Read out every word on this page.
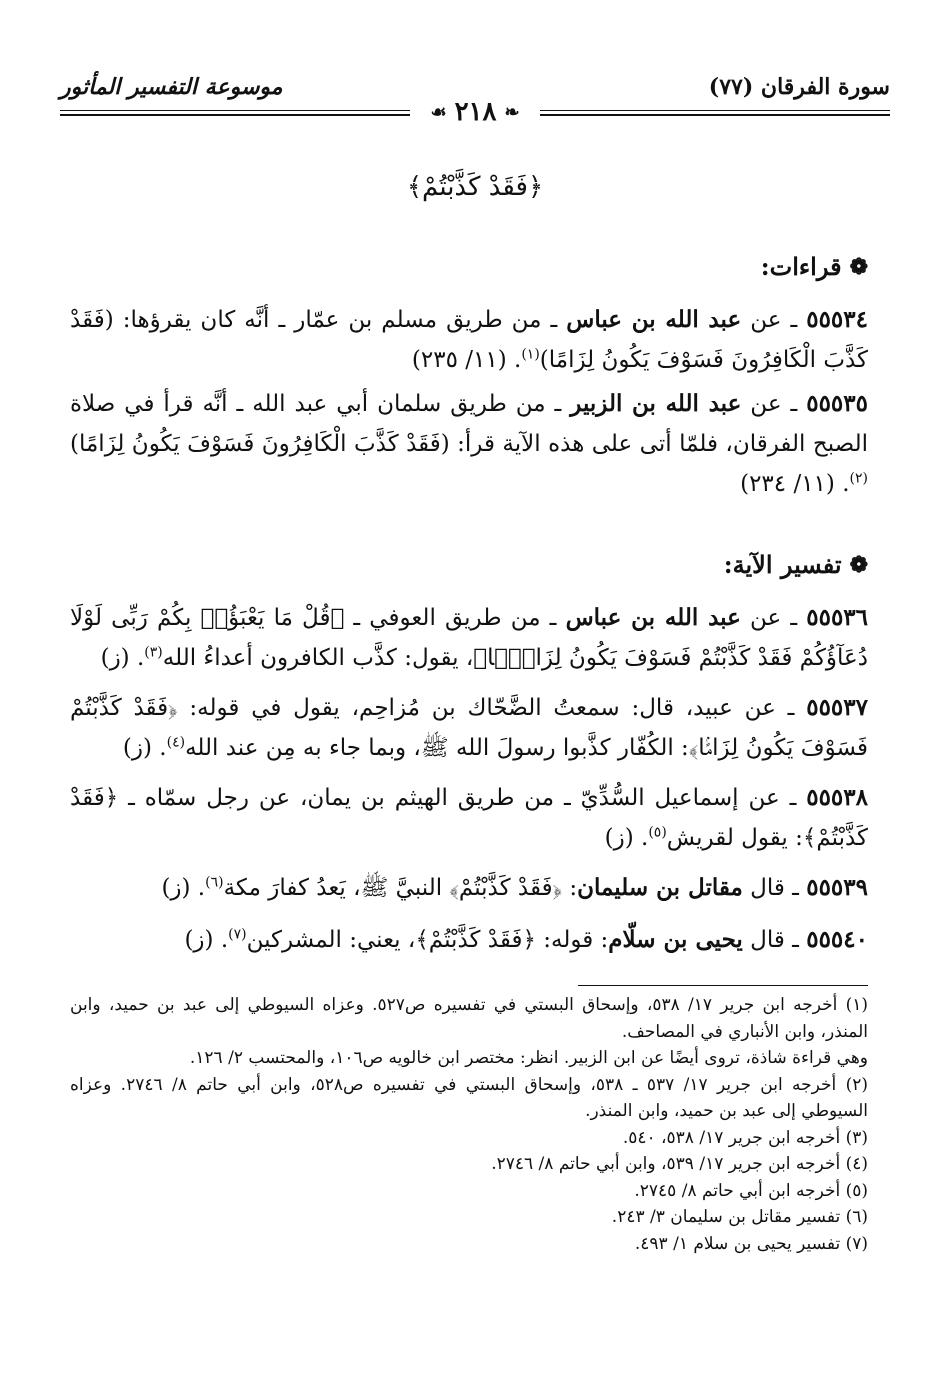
سورة الفرقان (٧٧)
موسوعة التفسير المأثور
❧
٢١٨
☙
﴿فَقَدْ كَذَّبْتُمْ﴾
❁
قراءات:
٥٥٥٣٤ ـ عن عبد الله بن عباس ـ من طريق مسلم بن عمّار ـ أنَّه كان يقرؤها: (فَقَدْ كَذَّبَ الْكَافِرُونَ فَسَوْفَ يَكُونُ لِزَامًا)$^{(١)}$. (١١/ ٢٣٥)
٥٥٥٣٥ ـ عن عبد الله بن الزبير ـ من طريق سلمان أبي عبد الله ـ أنَّه قرأ في صلاة الصبح الفرقان، فلمّا أتى على هذه الآية قرأ: (فَقَدْ كَذَّبَ الْكَافِرُونَ فَسَوْفَ يَكُونُ لِزَامًا)$^{(٢)}$. (١١/ ٢٣٤)
❁
تفسير الآية:
٥٥٥٣٦ ـ عن عبد الله بن عباس ـ من طريق العوفي ـ ﴿قُلْ مَا يَعْبَؤُا۟ بِكُمْ رَبِّى لَوْلَا دُعَآؤُكُمْ فَقَدْ كَذَّبْتُمْ فَسَوْفَ يَكُونُ لِزَامًۢا﴾، يقول: كذَّب الكافرون أعداءُ الله$^{(٣)}$. (ز)
٥٥٥٣٧ ـ عن عبيد، قال: سمعتُ الضَّحّاك بن مُزاحِم، يقول في قوله: ﴿فَقَدْ كَذَّبْتُمْ فَسَوْفَ يَكُونُ لِزَامًۢا﴾: الكُفّار كذَّبوا رسولَ الله ﷺ، وبما جاء به مِن عند الله$^{(٤)}$. (ز)
٥٥٥٣٨ ـ عن إسماعيل السُّدِّيّ ـ من طريق الهيثم بن يمان، عن رجل سمّاه ـ ﴿فَقَدْ كَذَّبْتُمْ﴾: يقول لقريش$^{(٥)}$. (ز)
٥٥٥٣٩ ـ قال مقاتل بن سليمان: ﴿فَقَدْ كَذَّبْتُمْ﴾ النبيَّ ﷺ، يَعدُ كفارَ مكة$^{(٦)}$. (ز)
٥٥٥٤٠ ـ قال يحيى بن سلّام: قوله: ﴿فَقَدْ كَذَّبْتُمْ﴾، يعني: المشركين$^{(٧)}$. (ز)
(١) أخرجه ابن جرير ١٧/ ٥٣٨، وإسحاق البستي في تفسيره ص٥٢٧. وعزاه السيوطي إلى عبد بن حميد، وابن المنذر، وابن الأنباري في المصاحف.
وهي قراءة شاذة، تروى أيضًا عن ابن الزبير. انظر: مختصر ابن خالويه ص١٠٦، والمحتسب ٢/ ١٢٦.
(٢) أخرجه ابن جرير ١٧/ ٥٣٧ ـ ٥٣٨، وإسحاق البستي في تفسيره ص٥٢٨، وابن أبي حاتم ٨/ ٢٧٤٦. وعزاه السيوطي إلى عبد بن حميد، وابن المنذر.
(٣) أخرجه ابن جرير ١٧/ ٥٣٨، ٥٤٠.
(٤) أخرجه ابن جرير ١٧/ ٥٣٩، وابن أبي حاتم ٨/ ٢٧٤٦.
(٥) أخرجه ابن أبي حاتم ٨/ ٢٧٤٥.
(٦) تفسير مقاتل بن سليمان ٣/ ٢٤٣.
(٧) تفسير يحيى بن سلام ١/ ٤٩٣.
